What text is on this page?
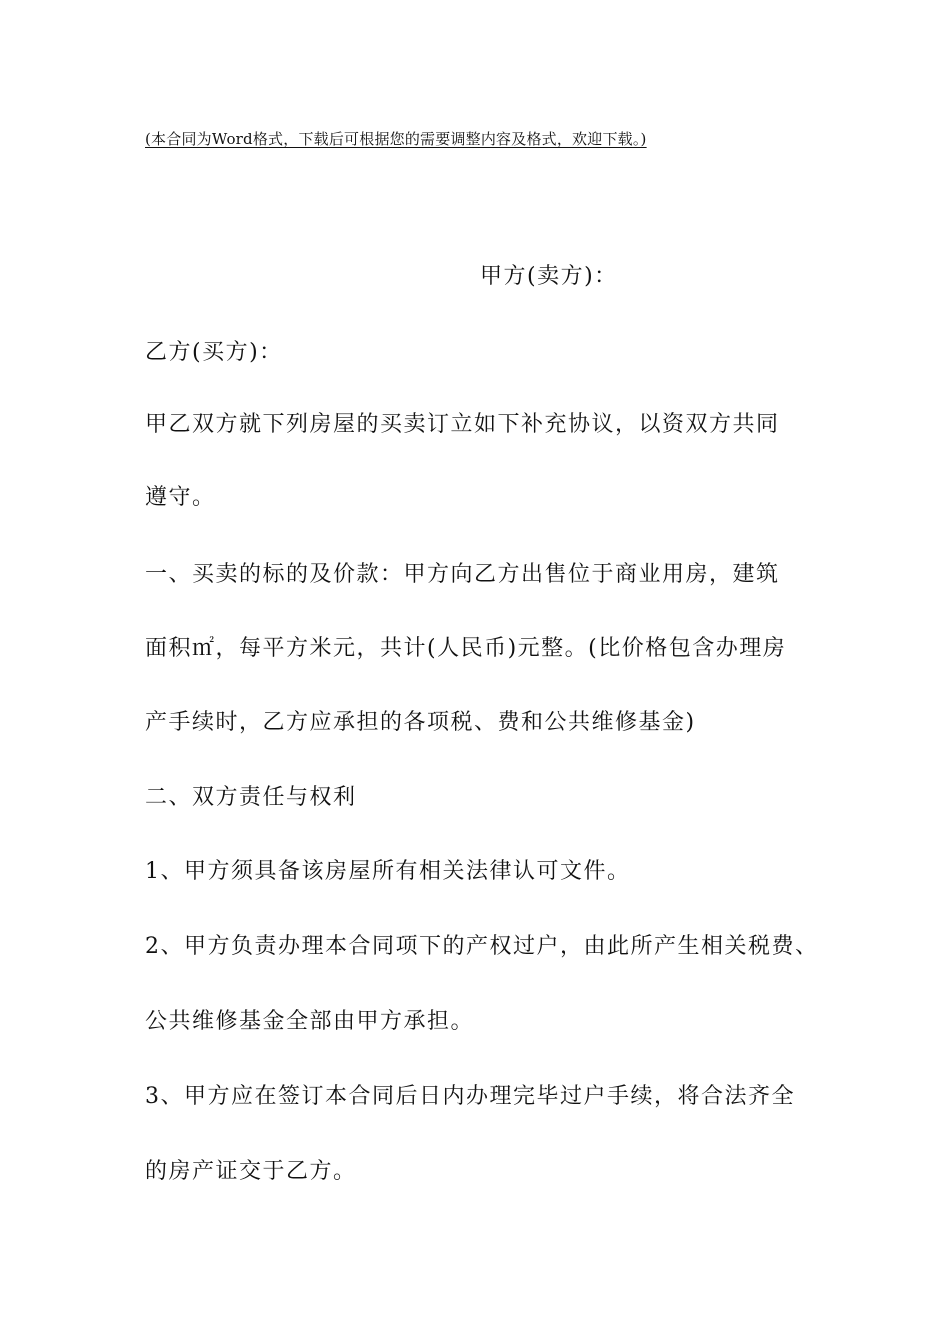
(本合同为Word格式，下载后可根据您的需要调整内容及格式，欢迎下载。)
甲方(卖方)：
乙方(买方)：
甲乙双方就下列房屋的买卖订立如下补充协议，以资双方共同
遵守。
一、买卖的标的及价款：甲方向乙方出售位于商业用房，建筑
面积㎡，每平方米元，共计(人民币)元整。(比价格包含办理房
产手续时，乙方应承担的各项税、费和公共维修基金)
二、双方责任与权利
1、甲方须具备该房屋所有相关法律认可文件。
2、甲方负责办理本合同项下的产权过户，由此所产生相关税费、
公共维修基金全部由甲方承担。
3、甲方应在签订本合同后日内办理完毕过户手续，将合法齐全
的房产证交于乙方。
